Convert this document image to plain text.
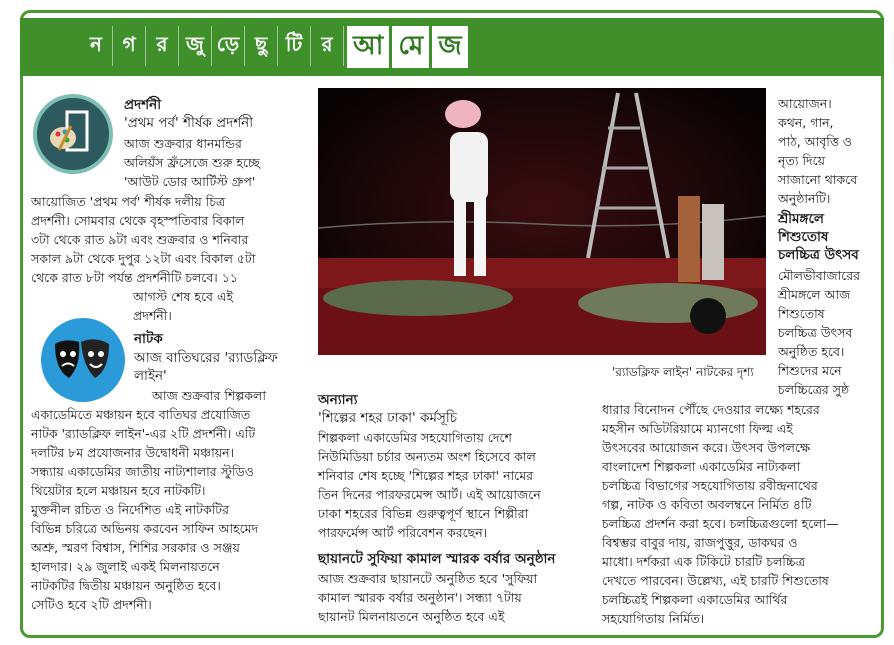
ন	গ	র জু ড়ে ছু টি র আ মে জ
প্রদর্শনী
'প্রথম পর্ব' শীর্ষক প্রদর্শনী
আজ শুক্রবার ধানমন্ডির
অলিয়ঁস ফ্রঁসেজে শুরু হচ্ছে
'আউট ডোর আর্টিস্ট গ্রুপ'
আয়োজিত 'প্রথম পর্ব' শীর্ষক দলীয় চিত্র
প্রদর্শনী। সোমবার থেকে বৃহস্পতিবার বিকাল
৩টা থেকে রাত ৯টা এবং শুক্রবার ও শনিবার
সকাল ৯টা থেকে দুপুর ১২টা এবং বিকাল ৫টা
থেকে রাত ৮টা পর্যন্ত প্রদর্শনীটি চলবে। ১১
আগস্ট শেষ হবে এই
প্রদর্শনী।
নাটক
আজ বাতিঘরের 'র‍্যাডক্লিফ
লাইন'
আজ শুক্রবার শিল্পকলা
একাডেমিতে মঞ্চায়ন হবে বাতিঘর প্রযোজিত
নাটক 'র‍্যাডক্লিফ লাইন'-এর ২টি প্রদর্শনী। এটি
দলটির ৮ম প্রযোজনার উদ্বোধনী মঞ্চায়ন।
সন্ধ্যায় একাডেমির জাতীয় নাট্যশালার স্টুডিও
থিয়েটার হলে মঞ্চায়ন হবে নাটকটি।
মুক্তনীল রচিত ও নির্দেশিত এই নাটকটির
বিভিন্ন চরিত্রে অভিনয় করবেন সাফিন আহমেদ
অশ্রু, স্মরণ বিশ্বাস, শিশির সরকার ও সঞ্জয়
হালদার। ২৯ জুলাই একই মিলনায়তনে
নাটকটির দ্বিতীয় মঞ্চায়ন অনুষ্ঠিত হবে।
সেটিও হবে ২টি প্রদর্শনী।
'র‍্যাডক্লিফ লাইন' নাটকের দৃশ্য
আয়োজন।
কথন, গান,
পাঠ, আবৃত্তি ও
নৃত্য দিয়ে
সাজানো থাকবে
অনুষ্ঠানটি।
শ্রীমঙ্গলে
শিশুতোষ
চলচ্চিত্র উৎসব
মৌলভীবাজারের
শ্রীমঙ্গলে আজ
শিশুতোষ
চলচ্চিত্র উৎসব
অনুষ্ঠিত হবে।
শিশুদের মনে
চলচ্চিত্রের সুষ্ঠ
ধারার বিনোদন পৌঁছে দেওয়ার লক্ষ্যে শহরের
মহসীন অডিটরিয়ামে ম্যানগো ফিল্ম এই
উৎসবের আয়োজন করে। উৎসব উপলক্ষে
বাংলাদেশ শিল্পকলা একাডেমির নাট্যকলা
চলচ্চিত্র বিভাগের সহযোগিতায় রবীন্দ্রনাথের
গল্প, নাটক ও কবিতা অবলম্বনে নির্মিত ৪টি
চলচ্চিত্র প্রদর্শন করা হবে। চলচ্চিত্রগুলো হলো—
বিশ্বম্ভর বাবুর দায়, রাজপুত্তুর, ডাকঘর ও
মাধো। দর্শকরা এক টিকিটে চারটি চলচ্চিত্র
দেখতে পারবেন। উল্লেখ্য, এই চারটি শিশুতোষ
চলচ্চিত্রই শিল্পকলা একাডেমির আর্থির
সহযোগিতায় নির্মিত।
অন্যান্য
'শিল্পের শহর ঢাকা' কর্মসূচি
শিল্পকলা একাডেমির সহযোগিতায় দেশে
নিউমিডিয়া চর্চার অন্যতম অংশ হিসেবে কাল
শনিবার শেষ হচ্ছে 'শিল্পের শহর ঢাকা' নামের
তিন দিনের পারফরমেন্স আর্ট। এই আয়োজনে
ঢাকা শহরের বিভিন্ন গুরুত্বপূর্ণ স্থানে শিল্পীরা
পারফর্মেন্স আর্ট পরিবেশন করছেন।
ছায়ানটে সুফিয়া কামাল স্মারক বর্ষার অনুষ্ঠান
আজ শুক্রবার ছায়ানটে অনুষ্ঠিত হবে 'সুফিয়া
কামাল স্মারক বর্ষার অনুষ্ঠান'। সন্ধ্যা ৭টায়
ছায়ানট মিলনায়তনে অনুষ্ঠিত হবে এই
